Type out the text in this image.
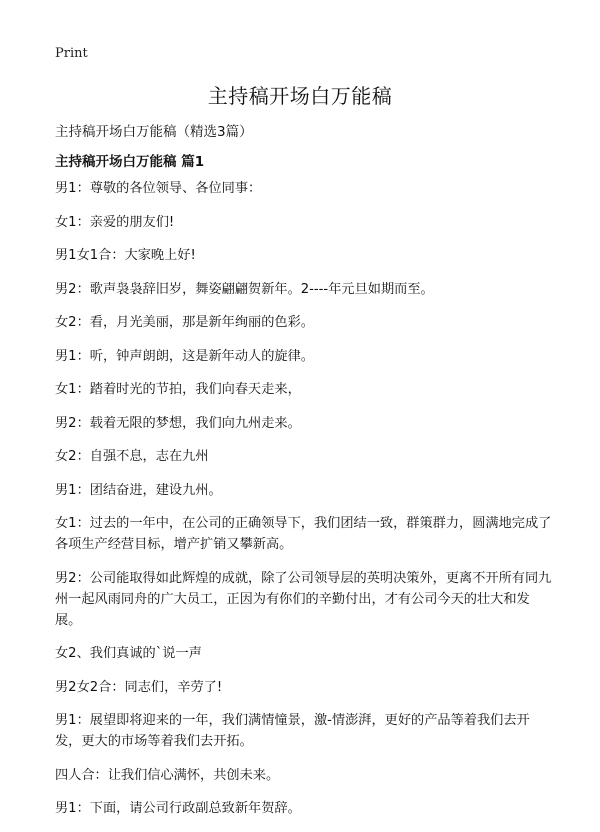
Print
主持稿开场白万能稿
主持稿开场白万能稿（精选3篇）
主持稿开场白万能稿 篇1
男1：尊敬的各位领导、各位同事：
女1：亲爱的朋友们!
男1女1合：大家晚上好!
男2：歌声袅袅辞旧岁，舞姿翩翩贺新年。2----年元旦如期而至。
女2：看，月光美丽，那是新年绚丽的色彩。
男1：听，钟声朗朗，这是新年动人的旋律。
女1：踏着时光的节拍，我们向春天走来，
男2：载着无限的梦想，我们向九州走来。
女2：自强不息，志在九州
男1：团结奋进，建设九州。
女1：过去的一年中，在公司的正确领导下，我们团结一致，群策群力，圆满地完成了各项生产经营目标，增产扩销又攀新高。
男2：公司能取得如此辉煌的成就，除了公司领导层的英明决策外，更离不开所有同九州一起风雨同舟的广大员工，正因为有你们的辛勤付出，才有公司今天的壮大和发展。
女2、我们真诚的`说一声
男2女2合：同志们，辛劳了!
男1：展望即将迎来的一年，我们满情憧景，激-情澎湃，更好的产品等着我们去开发，更大的市场等着我们去开拓。
四人合：让我们信心满怀，共创未来。
男1：下面，请公司行政副总致新年贺辞。
